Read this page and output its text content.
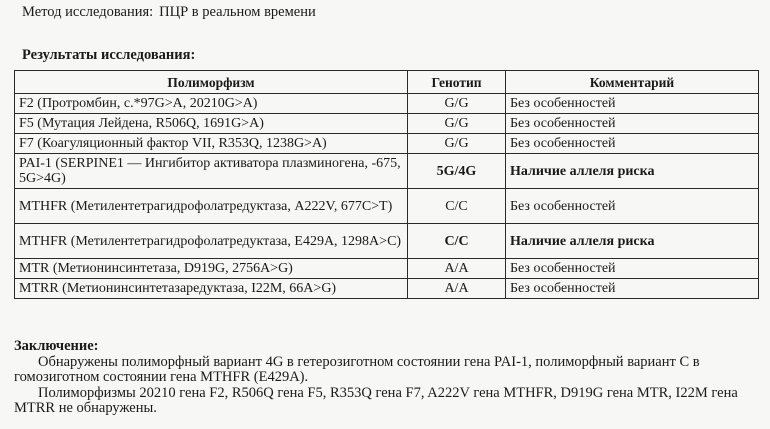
Метод исследования: ПЦР в реальном времени
Результаты исследования:
Полиморфизм	Генотип	Комментарий
F2 (Протромбин, с.*97G>A, 20210G>A)	G/G	Без особенностей
F5 (Мутация Лейдена, R506Q, 1691G>A)	G/G	Без особенностей
F7 (Коагуляционный фактор VII, R353Q, 1238G>A)	G/G	Без особенностей
PAI-1 (SERPINE1 — Ингибитор активатора плазминогена, -675, 5G>4G)	5G/4G	Наличие аллеля риска
MTHFR (Метилентетрагидрофолатредуктаза, A222V, 677C>T)	C/C	Без особенностей
MTHFR (Метилентетрагидрофолатредуктаза, E429A, 1298A>C)	C/C	Наличие аллеля риска
MTR (Метионинсинтетаза, D919G, 2756A>G)	A/A	Без особенностей
MTRR (Метионинсинтетазаредуктаза, I22M, 66A>G)	A/A	Без особенностей
Заключение:

Обнаружены полиморфный вариант 4G в гетерозиготном состоянии гена PAI-1, полиморфный вариант С в гомозиготном состоянии гена MTHFR (E429A).

Полиморфизмы 20210 гена F2, R506Q гена F5, R353Q гена F7, A222V гена MTHFR, D919G гена MTR, I22M гена MTRR не обнаружены.
